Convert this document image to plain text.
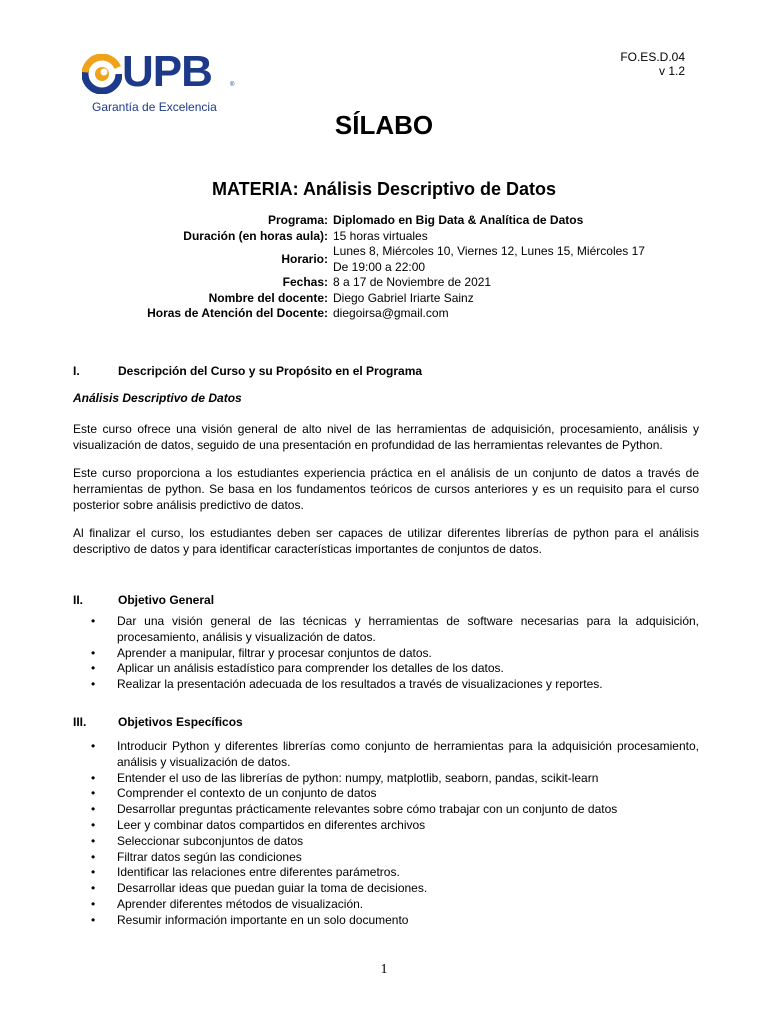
UPB	®
Garantía de Excelencia
FO.ES.D.04
v 1.2
SÍLABO
MATERIA: Análisis Descriptivo de Datos
Programa: Diplomado en Big Data & Analítica de Datos
Duración (en horas aula): 15 horas virtuales
Horario:
Lunes 8, Miércoles 10, Viernes 12, Lunes 15, Miércoles 17
De 19:00 a 22:00
Fechas: 8 a 17 de Noviembre de 2021
Nombre del docente: Diego Gabriel Iriarte Sainz
Horas de Atención del Docente: diegoirsa@gmail.com
I.	Descripción del Curso y su Propósito en el Programa
Análisis Descriptivo de Datos
Este curso ofrece una visión general de alto nivel de las herramientas de adquisición, procesamiento, análisis y visualización de datos, seguido de una presentación en profundidad de las herramientas relevantes de Python.
Este curso proporciona a los estudiantes experiencia práctica en el análisis de un conjunto de datos a través de herramientas de python. Se basa en los fundamentos teóricos de cursos anteriores y es un requisito para el curso posterior sobre análisis predictivo de datos.
Al finalizar el curso, los estudiantes deben ser capaces de utilizar diferentes librerías de python para el análisis descriptivo de datos y para identificar características importantes de conjuntos de datos.
II.	Objetivo General
• Dar una visión general de las técnicas y herramientas de software necesarias para la adquisición, procesamiento, análisis y visualización de datos.
• Aprender a manipular, filtrar y procesar conjuntos de datos.
• Aplicar un análisis estadístico para comprender los detalles de los datos.
• Realizar la presentación adecuada de los resultados a través de visualizaciones y reportes.
III.	Objetivos Específicos
• Introducir Python y diferentes librerías como conjunto de herramientas para la adquisición procesamiento, análisis y visualización de datos.
• Entender el uso de las librerías de python: numpy, matplotlib, seaborn, pandas, scikit-learn
• Comprender el contexto de un conjunto de datos
• Desarrollar preguntas prácticamente relevantes sobre cómo trabajar con un conjunto de datos
• Leer y combinar datos compartidos en diferentes archivos
• Seleccionar subconjuntos de datos
• Filtrar datos según las condiciones
• Identificar las relaciones entre diferentes parámetros.
• Desarrollar ideas que puedan guiar la toma de decisiones.
• Aprender diferentes métodos de visualización.
• Resumir información importante en un solo documento
1
